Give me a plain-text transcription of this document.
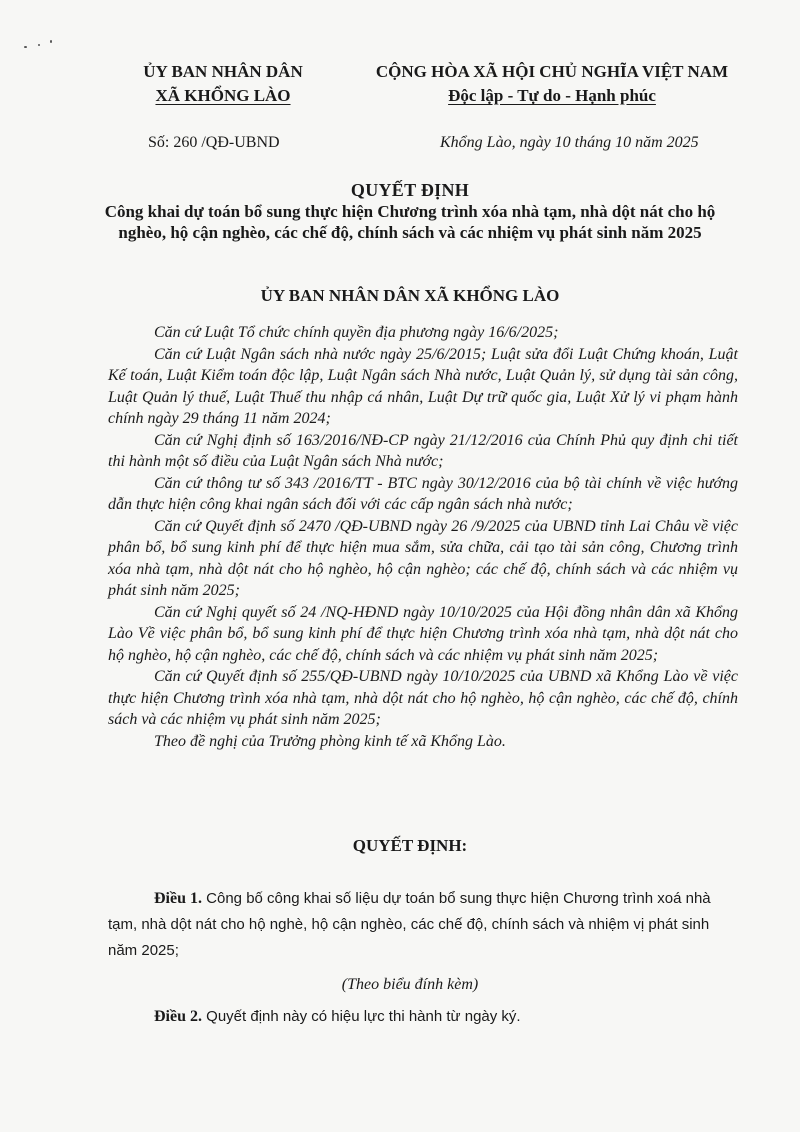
ỦY BAN NHÂN DÂN
XÃ KHỔNG LÀO
CỘNG HÒA XÃ HỘI CHỦ NGHĨA VIỆT NAM
Độc lập - Tự do - Hạnh phúc
Số: 260 /QĐ-UBND	Khổng Lào, ngày 10 tháng 10 năm 2025
QUYẾT ĐỊNH
Công khai dự toán bổ sung thực hiện Chương trình xóa nhà tạm, nhà dột nát cho hộ nghèo, hộ cận nghèo, các chế độ, chính sách và các nhiệm vụ phát sinh năm 2025
ỦY BAN NHÂN DÂN XÃ KHỔNG LÀO

Căn cứ Luật Tổ chức chính quyền địa phương ngày 16/6/2025;

Căn cứ Luật Ngân sách nhà nước ngày 25/6/2015; Luật sửa đổi Luật Chứng khoán, Luật Kế toán, Luật Kiểm toán độc lập, Luật Ngân sách Nhà nước, Luật Quản lý, sử dụng tài sản công, Luật Quản lý thuế, Luật Thuế thu nhập cá nhân, Luật Dự trữ quốc gia, Luật Xử lý vi phạm hành chính ngày 29 tháng 11 năm 2024;

Căn cứ Nghị định số 163/2016/NĐ-CP ngày 21/12/2016 của Chính Phủ quy định chi tiết thi hành một số điều của Luật Ngân sách Nhà nước;

Căn cứ thông tư số 343 /2016/TT - BTC ngày 30/12/2016 của bộ tài chính về việc hướng dẫn thực hiện công khai ngân sách đối với các cấp ngân sách nhà nước;

Căn cứ Quyết định số 2470 /QĐ-UBND ngày 26 /9/2025 của UBND tỉnh Lai Châu về việc phân bổ, bổ sung kinh phí để thực hiện mua sắm, sửa chữa, cải tạo tài sản công, Chương trình xóa nhà tạm, nhà dột nát cho hộ nghèo, hộ cận nghèo; các chế độ, chính sách và các nhiệm vụ phát sinh năm 2025;

Căn cứ Nghị quyết số 24 /NQ-HĐND ngày 10/10/2025 của Hội đồng nhân dân xã Khổng Lào Về việc phân bổ, bổ sung kinh phí để thực hiện Chương trình xóa nhà tạm, nhà dột nát cho hộ nghèo, hộ cận nghèo, các chế độ, chính sách và các nhiệm vụ phát sinh năm 2025;

Căn cứ Quyết định số 255/QĐ-UBND ngày 10/10/2025 của UBND xã Khổng Lào về việc thực hiện Chương trình xóa nhà tạm, nhà dột nát cho hộ nghèo, hộ cận nghèo, các chế độ, chính sách và các nhiệm vụ phát sinh năm 2025;

Theo đề nghị của Trưởng phòng kinh tế xã Khổng Lào.

QUYẾT ĐỊNH:
Điều 1. Công bố công khai số liệu dự toán bổ sung thực hiện Chương trình xoá nhà tạm, nhà dột nát cho hộ nghè, hộ cận nghèo, các chế độ, chính sách và nhiệm vị phát sinh năm 2025;
(Theo biểu đính kèm)
Điều 2. Quyết định này có hiệu lực thi hành từ ngày ký.
